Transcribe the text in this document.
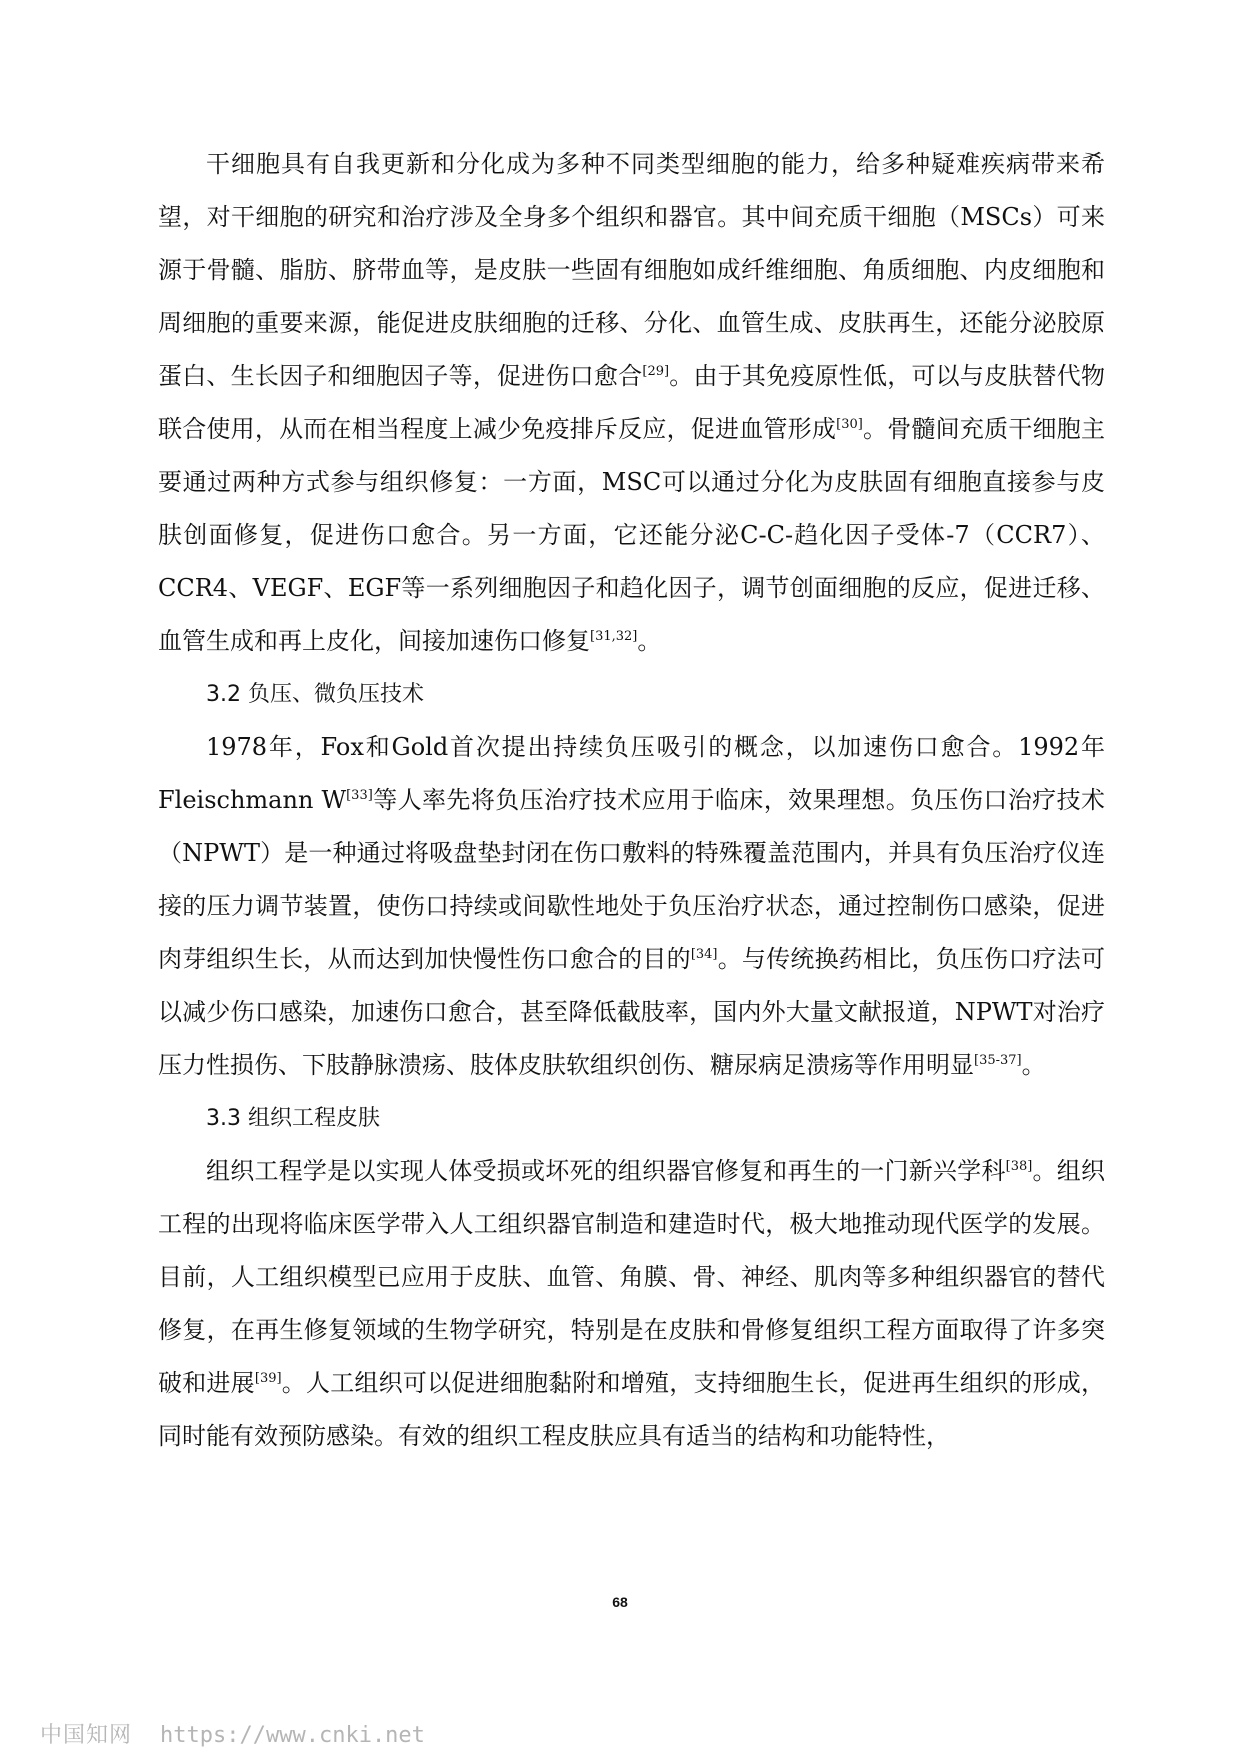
干细胞具有自我更新和分化成为多种不同类型细胞的能力，给多种疑难疾病带来希望，对干细胞的研究和治疗涉及全身多个组织和器官。其中间充质干细胞（MSCs）可来源于骨髓、脂肪、脐带血等，是皮肤一些固有细胞如成纤维细胞、角质细胞、内皮细胞和周细胞的重要来源，能促进皮肤细胞的迁移、分化、血管生成、皮肤再生，还能分泌胶原蛋白、生长因子和细胞因子等，促进伤口愈合[29]。由于其免疫原性低，可以与皮肤替代物联合使用，从而在相当程度上减少免疫排斥反应，促进血管形成[30]。骨髓间充质干细胞主要通过两种方式参与组织修复：一方面，MSC可以通过分化为皮肤固有细胞直接参与皮肤创面修复，促进伤口愈合。另一方面，它还能分泌C-C-趋化因子受体-7（CCR7）、CCR4、VEGF、EGF等一系列细胞因子和趋化因子，调节创面细胞的反应，促进迁移、血管生成和再上皮化，间接加速伤口修复[31,32]。

3.2 负压、微负压技术

1978年，Fox和Gold首次提出持续负压吸引的概念，以加速伤口愈合。1992年Fleischmann W[33]等人率先将负压治疗技术应用于临床，效果理想。负压伤口治疗技术（NPWT）是一种通过将吸盘垫封闭在伤口敷料的特殊覆盖范围内，并具有负压治疗仪连接的压力调节装置，使伤口持续或间歇性地处于负压治疗状态，通过控制伤口感染，促进肉芽组织生长，从而达到加快慢性伤口愈合的目的[34]。与传统换药相比，负压伤口疗法可以减少伤口感染，加速伤口愈合，甚至降低截肢率，国内外大量文献报道，NPWT对治疗压力性损伤、下肢静脉溃疡、肢体皮肤软组织创伤、糖尿病足溃疡等作用明显[35-37]。

3.3 组织工程皮肤

组织工程学是以实现人体受损或坏死的组织器官修复和再生的一门新兴学科[38]。组织工程的出现将临床医学带入人工组织器官制造和建造时代，极大地推动现代医学的发展。目前，人工组织模型已应用于皮肤、血管、角膜、骨、神经、肌肉等多种组织器官的替代修复，在再生修复领域的生物学研究，特别是在皮肤和骨修复组织工程方面取得了许多突破和进展[39]。人工组织可以促进细胞黏附和增殖，支持细胞生长，促进再生组织的形成，同时能有效预防感染。有效的组织工程皮肤应具有适当的结构和功能特性，

68
中国知网 https://www.cnki.net
